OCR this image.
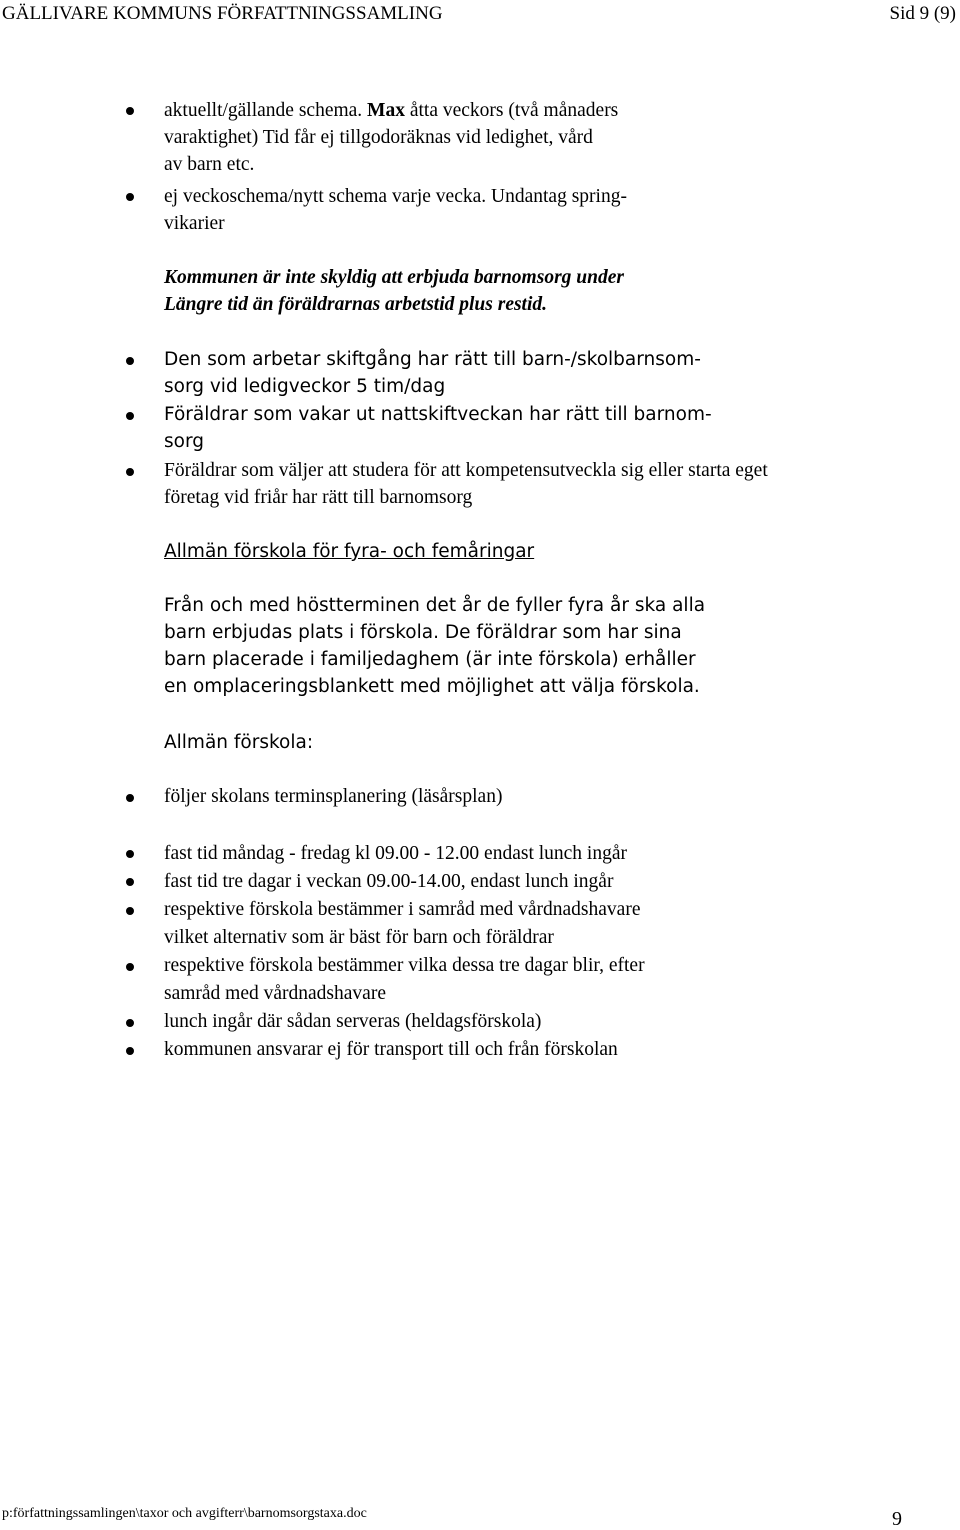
GÄLLIVARE KOMMUNS FÖRFATTNINGSSAMLING	Sid 9 (9)
aktuellt/gällande schema. Max åtta veckors (två månaders
varaktighet) Tid får ej tillgodoräknas vid ledighet, vård
av barn etc.
ej veckoschema/nytt schema varje vecka. Undantag spring-
vikarier
Kommunen är inte skyldig att erbjuda barnomsorg under
Längre tid än föräldrarnas arbetstid plus restid.
Den som arbetar skiftgång har rätt till barn-/skolbarnsom-
sorg vid ledigveckor 5 tim/dag
Föräldrar som vakar ut nattskiftveckan har rätt till barnom-
sorg
Föräldrar som väljer att studera för att kompetensutveckla sig eller starta eget
företag vid friår har rätt till barnomsorg
Allmän förskola för fyra- och femåringar
Från och med höstterminen det år de fyller fyra år ska alla
barn erbjudas plats i förskola. De föräldrar som har sina
barn placerade i familjedaghem (är inte förskola) erhåller
en omplaceringsblankett med möjlighet att välja förskola.
Allmän förskola:
följer skolans terminsplanering (läsårsplan)
fast tid måndag - fredag kl 09.00 - 12.00 endast lunch ingår
fast tid tre dagar i veckan 09.00-14.00, endast lunch ingår
respektive förskola bestämmer i samråd med vårdnadshavare
vilket alternativ som är bäst för barn och föräldrar
respektive förskola bestämmer vilka dessa tre dagar blir, efter
samråd med vårdnadshavare
lunch ingår där sådan serveras (heldagsförskola)
kommunen ansvarar ej för transport till och från förskolan
p:författningssamlingen\taxor och avgifterr\barnomsorgstaxa.doc	9
